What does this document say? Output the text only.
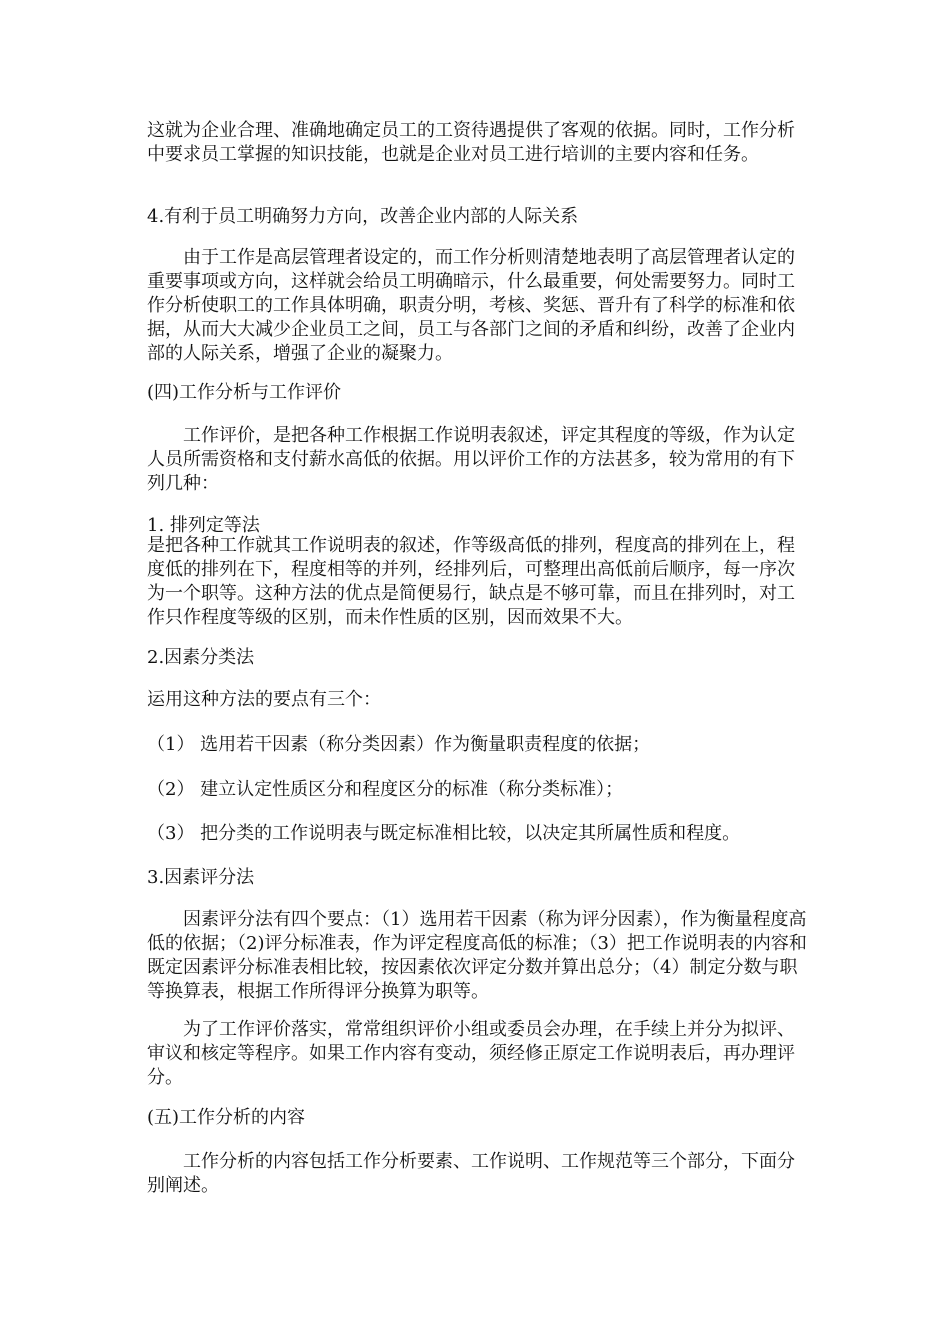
这就为企业合理、准确地确定员工的工资待遇提供了客观的依据。同时，工作分析中要求员工掌握的知识技能，也就是企业对员工进行培训的主要内容和任务。

4.有利于员工明确努力方向，改善企业内部的人际关系

由于工作是高层管理者设定的，而工作分析则清楚地表明了高层管理者认定的重要事项或方向，这样就会给员工明确暗示，什么最重要，何处需要努力。同时工作分析使职工的工作具体明确，职责分明，考核、奖惩、晋升有了科学的标准和依据，从而大大减少企业员工之间，员工与各部门之间的矛盾和纠纷，改善了企业内部的人际关系，增强了企业的凝聚力。

(四)工作分析与工作评价

工作评价，是把各种工作根据工作说明表叙述，评定其程度的等级，作为认定人员所需资格和支付薪水高低的依据。用以评价工作的方法甚多，较为常用的有下列几种：

1. 排列定等法

是把各种工作就其工作说明表的叙述，作等级高低的排列，程度高的排列在上，程度低的排列在下，程度相等的并列，经排列后，可整理出高低前后顺序，每一序次为一个职等。这种方法的优点是简便易行，缺点是不够可靠，而且在排列时，对工作只作程度等级的区别，而未作性质的区别，因而效果不大。

2.因素分类法

运用这种方法的要点有三个：

（1） 选用若干因素（称分类因素）作为衡量职责程度的依据；

（2） 建立认定性质区分和程度区分的标准（称分类标准）；

（3） 把分类的工作说明表与既定标准相比较，以决定其所属性质和程度。

3.因素评分法

因素评分法有四个要点：（1）选用若干因素（称为评分因素），作为衡量程度高低的依据；（2)评分标准表，作为评定程度高低的标准；（3）把工作说明表的内容和既定因素评分标准表相比较，按因素依次评定分数并算出总分；（4）制定分数与职等换算表，根据工作所得评分换算为职等。

为了工作评价落实，常常组织评价小组或委员会办理，在手续上并分为拟评、审议和核定等程序。如果工作内容有变动，须经修正原定工作说明表后，再办理评分。

(五)工作分析的内容

工作分析的内容包括工作分析要素、工作说明、工作规范等三个部分，下面分别阐述。
